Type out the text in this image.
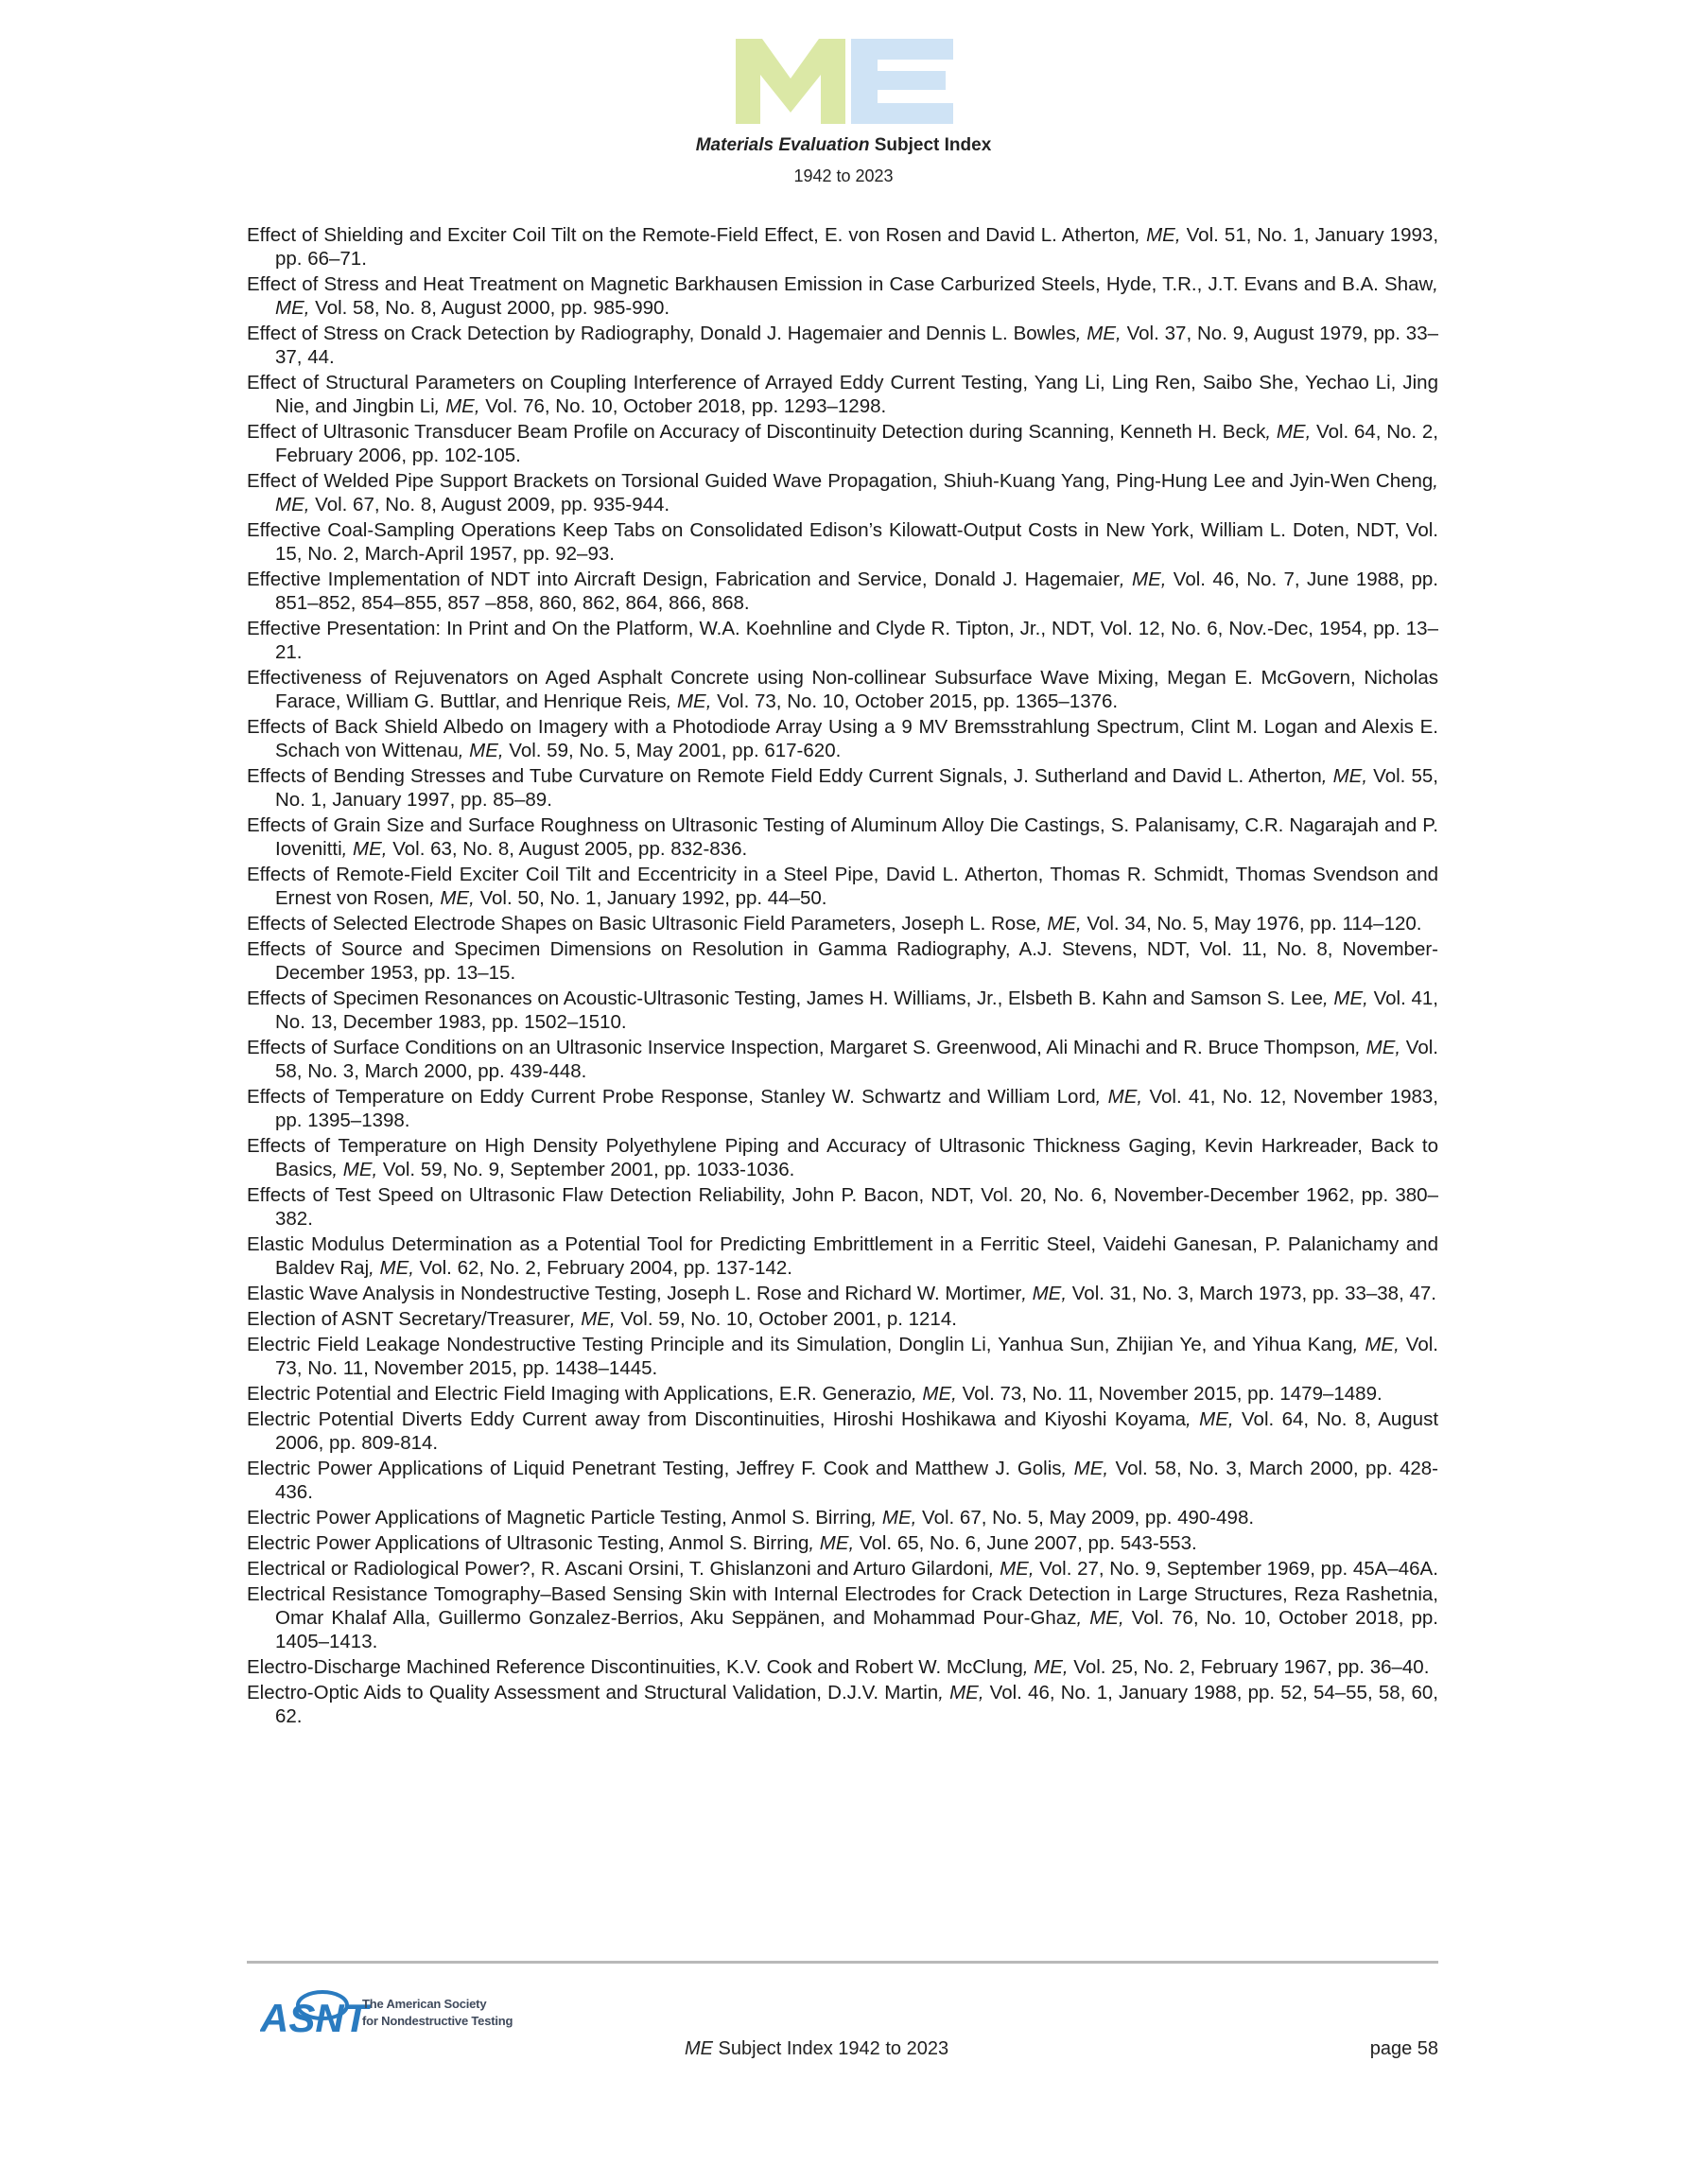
Materials Evaluation Subject Index
1942 to 2023

Effect of Shielding and Exciter Coil Tilt on the Remote-Field Effect, E. von Rosen and David L. Atherton, ME, Vol. 51, No. 1, January 1993, pp. 66–71.

Effect of Stress and Heat Treatment on Magnetic Barkhausen Emission in Case Carburized Steels, Hyde, T.R., J.T. Evans and B.A. Shaw, ME, Vol. 58, No. 8, August 2000, pp. 985-990.

Effect of Stress on Crack Detection by Radiography, Donald J. Hagemaier and Dennis L. Bowles, ME, Vol. 37, No. 9, August 1979, pp. 33–37, 44.

Effect of Structural Parameters on Coupling Interference of Arrayed Eddy Current Testing, Yang Li, Ling Ren, Saibo She, Yechao Li, Jing Nie, and Jingbin Li, ME, Vol. 76, No. 10, October 2018, pp. 1293–1298.

Effect of Ultrasonic Transducer Beam Profile on Accuracy of Discontinuity Detection during Scanning, Kenneth H. Beck, ME, Vol. 64, No. 2, February 2006, pp. 102-105.

Effect of Welded Pipe Support Brackets on Torsional Guided Wave Propagation, Shiuh-Kuang Yang, Ping-Hung Lee and Jyin-Wen Cheng, ME, Vol. 67, No. 8, August 2009, pp. 935-944.

Effective Coal-Sampling Operations Keep Tabs on Consolidated Edison’s Kilowatt-Output Costs in New York, William L. Doten, NDT, Vol. 15, No. 2, March-April 1957, pp. 92–93.

Effective Implementation of NDT into Aircraft Design, Fabrication and Service, Donald J. Hagemaier, ME, Vol. 46, No. 7, June 1988, pp. 851–852, 854–855, 857 –858, 860, 862, 864, 866, 868.

Effective Presentation: In Print and On the Platform, W.A. Koehnline and Clyde R. Tipton, Jr., NDT, Vol. 12, No. 6, Nov.-Dec, 1954, pp. 13–21.

Effectiveness of Rejuvenators on Aged Asphalt Concrete using Non-collinear Subsurface Wave Mixing, Megan E. McGovern, Nicholas Farace, William G. Buttlar, and Henrique Reis, ME, Vol. 73, No. 10, October 2015, pp. 1365–1376.

Effects of Back Shield Albedo on Imagery with a Photodiode Array Using a 9 MV Bremsstrahlung Spectrum, Clint M. Logan and Alexis E. Schach von Wittenau, ME, Vol. 59, No. 5, May 2001, pp. 617-620.

Effects of Bending Stresses and Tube Curvature on Remote Field Eddy Current Signals, J. Sutherland and David L. Atherton, ME, Vol. 55, No. 1, January 1997, pp. 85–89.

Effects of Grain Size and Surface Roughness on Ultrasonic Testing of Aluminum Alloy Die Castings, S. Palanisamy, C.R. Nagarajah and P. Iovenitti, ME, Vol. 63, No. 8, August 2005, pp. 832-836.

Effects of Remote-Field Exciter Coil Tilt and Eccentricity in a Steel Pipe, David L. Atherton, Thomas R. Schmidt, Thomas Svendson and Ernest von Rosen, ME, Vol. 50, No. 1, January 1992, pp. 44–50.

Effects of Selected Electrode Shapes on Basic Ultrasonic Field Parameters, Joseph L. Rose, ME, Vol. 34, No. 5, May 1976, pp. 114–120.

Effects of Source and Specimen Dimensions on Resolution in Gamma Radiography, A.J. Stevens, NDT, Vol. 11, No. 8, November-December 1953, pp. 13–15.

Effects of Specimen Resonances on Acoustic-Ultrasonic Testing, James H. Williams, Jr., Elsbeth B. Kahn and Samson S. Lee, ME, Vol. 41, No. 13, December 1983, pp. 1502–1510.

Effects of Surface Conditions on an Ultrasonic Inservice Inspection, Margaret S. Greenwood, Ali Minachi and R. Bruce Thompson, ME, Vol. 58, No. 3, March 2000, pp. 439-448.

Effects of Temperature on Eddy Current Probe Response, Stanley W. Schwartz and William Lord, ME, Vol. 41, No. 12, November 1983, pp. 1395–1398.

Effects of Temperature on High Density Polyethylene Piping and Accuracy of Ultrasonic Thickness Gaging, Kevin Harkreader, Back to Basics, ME, Vol. 59, No. 9, September 2001, pp. 1033-1036.

Effects of Test Speed on Ultrasonic Flaw Detection Reliability, John P. Bacon, NDT, Vol. 20, No. 6, November-December 1962, pp. 380–382.

Elastic Modulus Determination as a Potential Tool for Predicting Embrittlement in a Ferritic Steel, Vaidehi Ganesan, P. Palanichamy and Baldev Raj, ME, Vol. 62, No. 2, February 2004, pp. 137-142.

Elastic Wave Analysis in Nondestructive Testing, Joseph L. Rose and Richard W. Mortimer, ME, Vol. 31, No. 3, March 1973, pp. 33–38, 47.

Election of ASNT Secretary/Treasurer, ME, Vol. 59, No. 10, October 2001, p. 1214.

Electric Field Leakage Nondestructive Testing Principle and its Simulation, Donglin Li, Yanhua Sun, Zhijian Ye, and Yihua Kang, ME, Vol. 73, No. 11, November 2015, pp. 1438–1445.

Electric Potential and Electric Field Imaging with Applications, E.R. Generazio, ME, Vol. 73, No. 11, November 2015, pp. 1479–1489.

Electric Potential Diverts Eddy Current away from Discontinuities, Hiroshi Hoshikawa and Kiyoshi Koyama, ME, Vol. 64, No. 8, August 2006, pp. 809-814.

Electric Power Applications of Liquid Penetrant Testing, Jeffrey F. Cook and Matthew J. Golis, ME, Vol. 58, No. 3, March 2000, pp. 428-436.

Electric Power Applications of Magnetic Particle Testing, Anmol S. Birring, ME, Vol. 67, No. 5, May 2009, pp. 490-498.

Electric Power Applications of Ultrasonic Testing, Anmol S. Birring, ME, Vol. 65, No. 6, June 2007, pp. 543-553.

Electrical or Radiological Power?, R. Ascani Orsini, T. Ghislanzoni and Arturo Gilardoni, ME, Vol. 27, No. 9, September 1969, pp. 45A–46A.

Electrical Resistance Tomography–Based Sensing Skin with Internal Electrodes for Crack Detection in Large Structures, Reza Rashetnia, Omar Khalaf Alla, Guillermo Gonzalez-Berrios, Aku Seppänen, and Mohammad Pour-Ghaz, ME, Vol. 76, No. 10, October 2018, pp. 1405–1413.

Electro-Discharge Machined Reference Discontinuities, K.V. Cook and Robert W. McClung, ME, Vol. 25, No. 2, February 1967, pp. 36–40.

Electro-Optic Aids to Quality Assessment and Structural Validation, D.J.V. Martin, ME, Vol. 46, No. 1, January 1988, pp. 52, 54–55, 58, 60, 62.

ASNT
The American Society
for Nondestructive Testing
ME Subject Index 1942 to 2023	page 58
